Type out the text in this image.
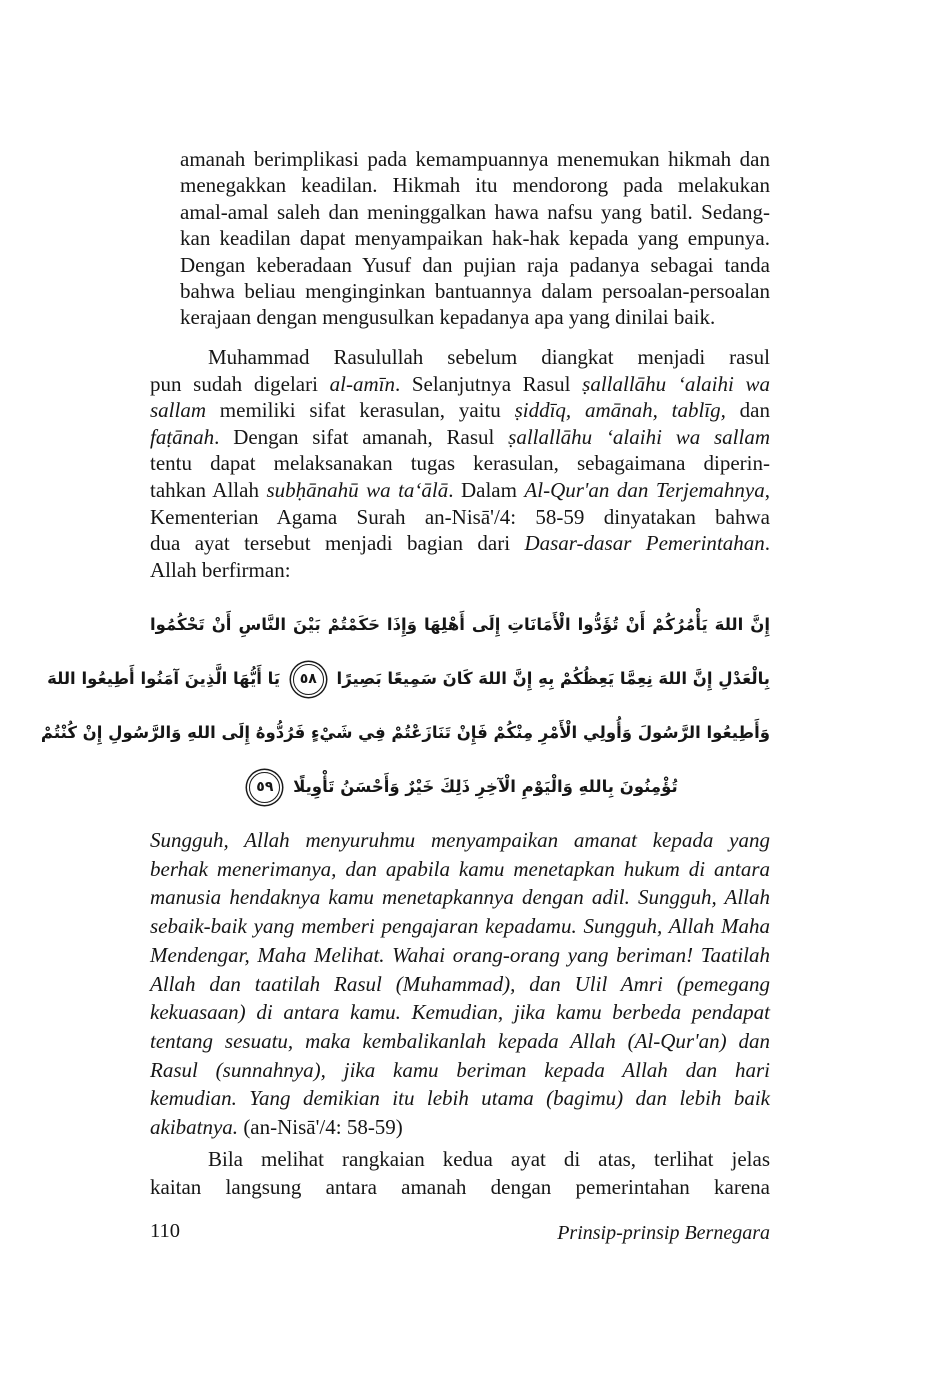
amanah berimplikasi pada kemampuannya menemukan hikmah dan
menegakkan keadilan. Hikmah itu mendorong pada melakukan
amal-amal saleh dan meninggalkan hawa nafsu yang batil. Sedang-
kan keadilan dapat menyampaikan hak-hak kepada yang empunya.
Dengan keberadaan Yusuf dan pujian raja padanya sebagai tanda
bahwa beliau menginginkan bantuannya dalam persoalan-persoalan
kerajaan dengan mengusulkan kepadanya apa yang dinilai baik.
Muhammad Rasulullah sebelum diangkat menjadi rasul
pun sudah digelari al-amīn. Selanjutnya Rasul ṣallallāhu ‘alaihi wa
sallam memiliki sifat kerasulan, yaitu ṣiddīq, amānah, tablīg, dan
faṭānah. Dengan sifat amanah, Rasul ṣallallāhu ‘alaihi wa sallam
tentu dapat melaksanakan tugas kerasulan, sebagaimana diperin-
tahkan Allah subḥānahū wa ta‘ālā. Dalam Al-Qur'an dan Terjemahnya,
Kementerian Agama Surah an-Nisā'/4: 58-59 dinyatakan bahwa
dua ayat tersebut menjadi bagian dari Dasar-dasar Pemerintahan.
Allah berfirman:
إِنَّ اللهَ يَأْمُرُكُمْ أَنْ تُؤَدُّوا الْأَمَانَاتِ إِلَى أَهْلِهَا وَإِذَا حَكَمْتُمْ بَيْنَ النَّاسِ أَنْ تَحْكُمُوا
بِالْعَدْلِ إِنَّ اللهَ نِعِمَّا يَعِظُكُمْ بِهِ إِنَّ اللهَ كَانَ سَمِيعًا بَصِيرًا ٥٨ يَا أَيُّهَا الَّذِينَ آمَنُوا أَطِيعُوا اللهَ
وَأَطِيعُوا الرَّسُولَ وَأُولِي الْأَمْرِ مِنْكُمْ فَإِنْ تَنَازَعْتُمْ فِي شَيْءٍ فَرُدُّوهُ إِلَى اللهِ وَالرَّسُولِ إِنْ كُنْتُمْ
تُؤْمِنُونَ بِاللهِ وَالْيَوْمِ الْآخِرِ ذَلِكَ خَيْرٌ وَأَحْسَنُ تَأْوِيلًا ٥٩
Sungguh, Allah menyuruhmu menyampaikan amanat kepada yang
berhak menerimanya, dan apabila kamu menetapkan hukum di antara
manusia hendaknya kamu menetapkannya dengan adil. Sungguh, Allah
sebaik-baik yang memberi pengajaran kepadamu. Sungguh, Allah Maha
Mendengar, Maha Melihat. Wahai orang-orang yang beriman! Taatilah
Allah dan taatilah Rasul (Muhammad), dan Ulil Amri (pemegang
kekuasaan) di antara kamu. Kemudian, jika kamu berbeda pendapat
tentang sesuatu, maka kembalikanlah kepada Allah (Al-Qur'an) dan
Rasul (sunnahnya), jika kamu beriman kepada Allah dan hari
kemudian. Yang demikian itu lebih utama (bagimu) dan lebih baik
akibatnya. (an-Nisā'/4: 58-59)
Bila melihat rangkaian kedua ayat di atas, terlihat jelas
kaitan langsung antara amanah dengan pemerintahan karena
110	Prinsip-prinsip Bernegara
